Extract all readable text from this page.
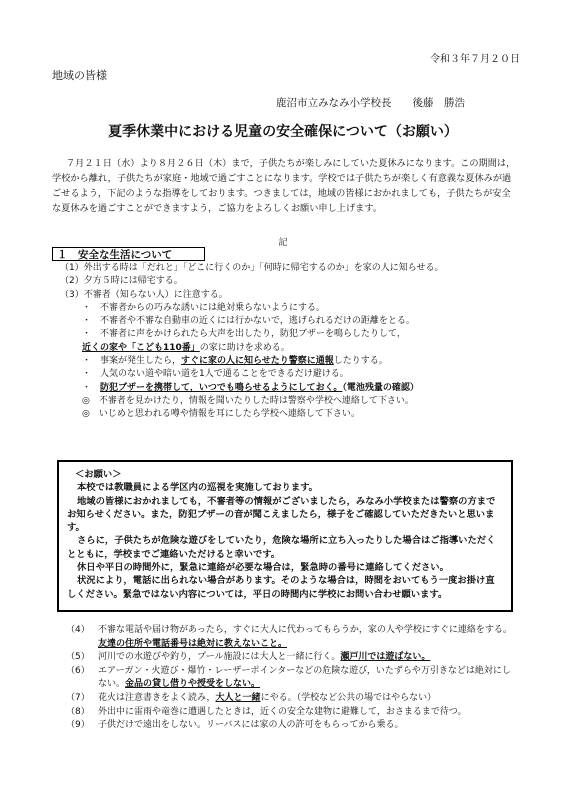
令和３年７月２０日
地域の皆様
鹿沼市立みなみ小学校長　　後藤　勝浩
夏季休業中における児童の安全確保について（お願い）

７月２１日（水）より８月２６日（木）まで，子供たちが楽しみにしていた夏休みになります。この期間は，学校から離れ，子供たちが家庭・地域で過ごすことになります。学校では子供たちが楽しく有意義な夏休みが過ごせるよう，下記のような指導をしております。つきましては，地域の皆様におかれましても，子供たちが安全な夏休みを過ごすことができますよう，ご協力をよろしくお願い申し上げます。

記
１　安全な生活について
（1） 外出する時は「だれと」「どこに行くのか」「何時に帰宅するのか」を家の人に知らせる。
（2） 夕方５時には帰宅する。
（3） 不審者（知らない人）に注意する。
・　不審者からの巧みな誘いには絶対乗らないようにする。
・　不審者や不審な自動車の近くには行かないで，逃げられるだけの距離をとる。
・　不審者に声をかけられたら大声を出したり，防犯ブザーを鳴らしたりして，近くの家や「こども110番」の家に助けを求める。
・　事案が発生したら，すぐに家の人に知らせたり警察に通報したりする。
・　人気のない道や暗い道を1人で通ることをできるだけ避ける。
・　防犯ブザーを携帯して，いつでも鳴らせるようにしておく。（電池残量の確認）
◎　不審者を見かけたり，情報を聞いたりした時は警察や学校へ連絡して下さい。
◎　いじめと思われる噂や情報を耳にしたら学校へ連絡して下さい。
＜お願い＞

本校では教職員による学区内の巡視を実施しております。

地域の皆様におかれましても，不審者等の情報がございましたら，みなみ小学校または警察の方までお知らせください。また，防犯ブザーの音が聞こえましたら，様子をご確認していただきたいと思います。

さらに，子供たちが危険な遊びをしていたり，危険な場所に立ち入ったりした場合はご指導いただくとともに，学校までご連絡いただけると幸いです。

休日や平日の時間外に，緊急に連絡が必要な場合は，緊急時の番号に連絡してください。

状況により，電話に出られない場合があります。そのような場合は，時間をおいてもう一度お掛け直しください。緊急ではない内容については，平日の時間内に学校にお問い合わせ願います。

（4） 不審な電話や届け物があったら，すぐに大人に代わってもらうか，家の人や学校にすぐに連絡をする。友達の住所や電話番号は絶対に教えないこと。
（5） 河川での水遊びや釣り，プール施設には大人と一緒に行く。瀬戸川では遊ばない。
（6） エアーガン・火遊び・爆竹・レーザーポインターなどの危険な遊び，いたずらや万引きなどは絶対にしない。金品の貸し借りや授受をしない。
（7） 花火は注意書きをよく読み，大人と一緒にやる。（学校など公共の場ではやらない）
（8） 外出中に雷雨や竜巻に遭遇したときは，近くの安全な建物に避難して，おさまるまで待つ。
（9） 子供だけで遠出をしない。リーバスには家の人の許可をもらってから乗る。
